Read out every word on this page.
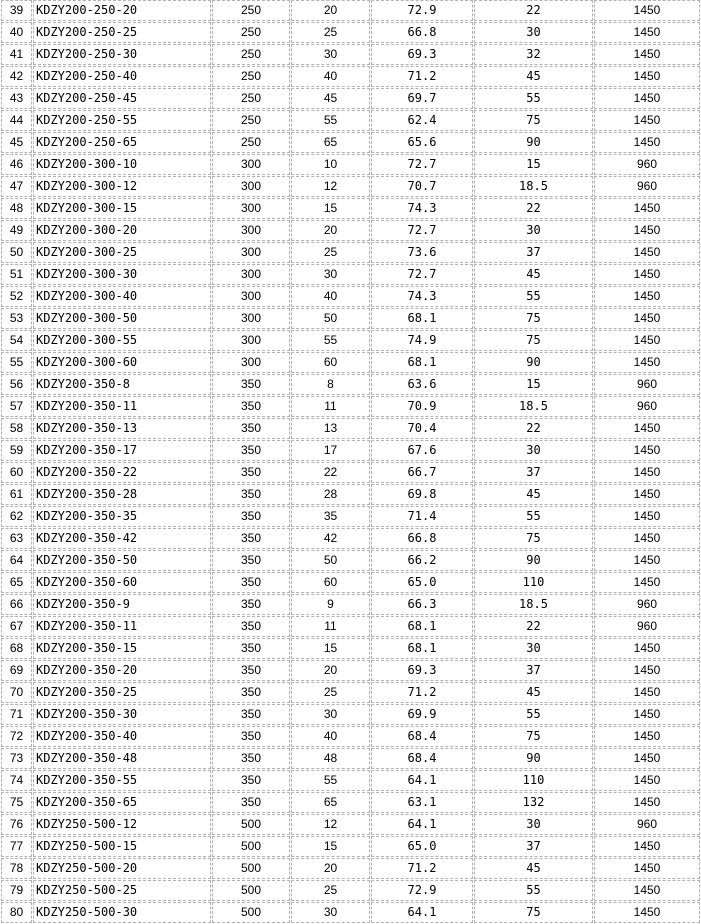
39	KDZY200-250-20	250	20	72.9	22	1450
40	KDZY200-250-25	250	25	66.8	30	1450
41	KDZY200-250-30	250	30	69.3	32	1450
42	KDZY200-250-40	250	40	71.2	45	1450
43	KDZY200-250-45	250	45	69.7	55	1450
44	KDZY200-250-55	250	55	62.4	75	1450
45	KDZY200-250-65	250	65	65.6	90	1450
46	KDZY200-300-10	300	10	72.7	15	960
47	KDZY200-300-12	300	12	70.7	18.5	960
48	KDZY200-300-15	300	15	74.3	22	1450
49	KDZY200-300-20	300	20	72.7	30	1450
50	KDZY200-300-25	300	25	73.6	37	1450
51	KDZY200-300-30	300	30	72.7	45	1450
52	KDZY200-300-40	300	40	74.3	55	1450
53	KDZY200-300-50	300	50	68.1	75	1450
54	KDZY200-300-55	300	55	74.9	75	1450
55	KDZY200-300-60	300	60	68.1	90	1450
56	KDZY200-350-8	350	8	63.6	15	960
57	KDZY200-350-11	350	11	70.9	18.5	960
58	KDZY200-350-13	350	13	70.4	22	1450
59	KDZY200-350-17	350	17	67.6	30	1450
60	KDZY200-350-22	350	22	66.7	37	1450
61	KDZY200-350-28	350	28	69.8	45	1450
62	KDZY200-350-35	350	35	71.4	55	1450
63	KDZY200-350-42	350	42	66.8	75	1450
64	KDZY200-350-50	350	50	66.2	90	1450
65	KDZY200-350-60	350	60	65.0	110	1450
66	KDZY200-350-9	350	9	66.3	18.5	960
67	KDZY200-350-11	350	11	68.1	22	960
68	KDZY200-350-15	350	15	68.1	30	1450
69	KDZY200-350-20	350	20	69.3	37	1450
70	KDZY200-350-25	350	25	71.2	45	1450
71	KDZY200-350-30	350	30	69.9	55	1450
72	KDZY200-350-40	350	40	68.4	75	1450
73	KDZY200-350-48	350	48	68.4	90	1450
74	KDZY200-350-55	350	55	64.1	110	1450
75	KDZY200-350-65	350	65	63.1	132	1450
76	KDZY250-500-12	500	12	64.1	30	960
77	KDZY250-500-15	500	15	65.0	37	1450
78	KDZY250-500-20	500	20	71.2	45	1450
79	KDZY250-500-25	500	25	72.9	55	1450
80	KDZY250-500-30	500	30	64.1	75	1450
